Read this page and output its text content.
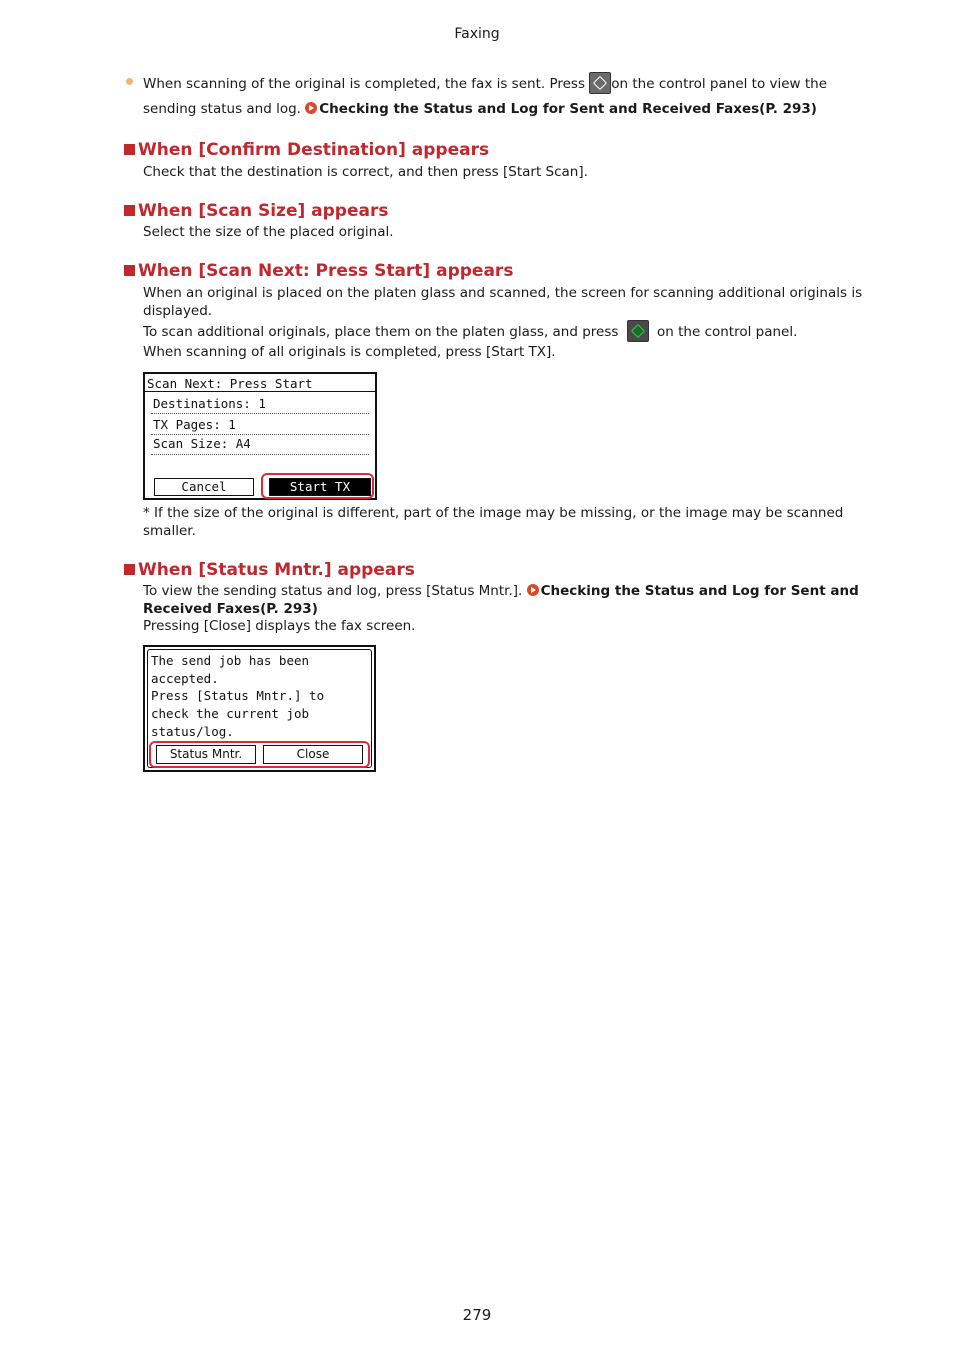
Faxing
When scanning of the original is completed, the fax is sent. Press on the control panel to view the
sending status and log. Checking the Status and Log for Sent and Received Faxes(P. 293)
When [Confirm Destination] appears
Check that the destination is correct, and then press [Start Scan].
When [Scan Size] appears
Select the size of the placed original.
When [Scan Next: Press Start] appears
When an original is placed on the platen glass and scanned, the screen for scanning additional originals is displayed.
To scan additional originals, place them on the platen glass, and press	on the control panel.
When scanning of all originals is completed, press [Start TX].
Scan Next: Press Start
Destinations: 1
TX Pages: 1
Scan Size: A4
Cancel	Start TX
* If the size of the original is different, part of the image may be missing, or the image may be scanned smaller.
When [Status Mntr.] appears
To view the sending status and log, press [Status Mntr.]. Checking the Status and Log for Sent and
Received Faxes(P. 293)
Pressing [Close] displays the fax screen.
The send job has been
accepted.
Press [Status Mntr.] to
check the current job
status/log.
Status Mntr.	Close
279
